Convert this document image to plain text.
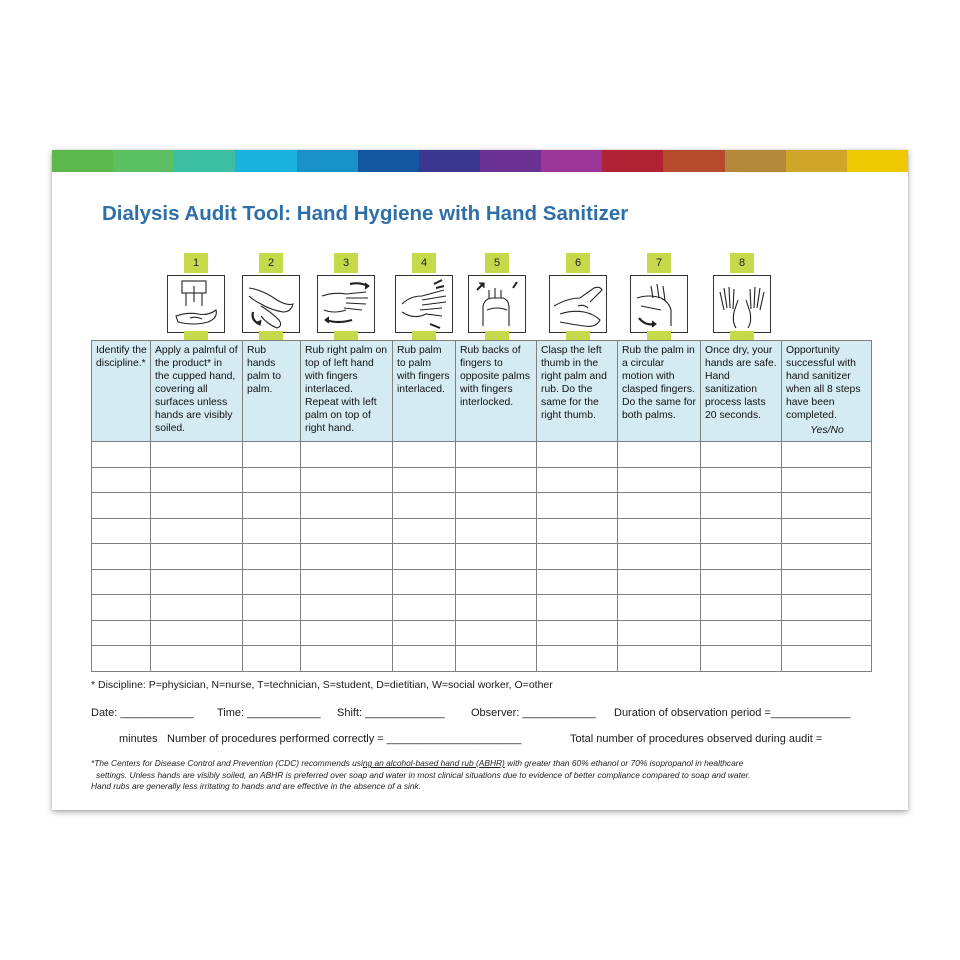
Dialysis Audit Tool: Hand Hygiene with Hand Sanitizer
1	2	3	4	5	6	7	8
Identify the discipline.*	Apply a palmful of the product* in the cupped hand, covering all surfaces unless hands are visibly soiled.	Rub hands palm to palm.	Rub right palm on top of left hand with fingers interlaced. Repeat with left palm on top of right hand.	Rub palm to palm with fingers interlaced.	Rub backs of fingers to opposite palms with fingers interlocked.	Clasp the left thumb in the right palm and rub. Do the same for the right thumb.	Rub the palm in a circular motion with clasped fingers. Do the same for both palms.	Once dry, your hands are safe. Hand sanitization process lasts 20 seconds.	Opportunity successful with hand sanitizer when all 8 steps have been completed.
Yes/No

* Discipline: P=physician, N=nurse, T=technician, S=student, D=dietitian, W=social worker, O=other
Date: ____________ Time: ____________ Shift: _____________ Observer: ____________ Duration of observation period =_____________
minutes Number of procedures performed correctly = ______________________	Total number of procedures observed during audit =
*The Centers for Disease Control and Prevention (CDC) recommends using an alcohol-based hand rub (ABHR) with greater than 60% ethanol or 70% isopropanol in healthcare
settings. Unless hands are visibly soiled, an ABHR is preferred over soap and water in most clinical situations due to evidence of better compliance compared to soap and water.
Hand rubs are generally less irritating to hands and are effective in the absence of a sink.
